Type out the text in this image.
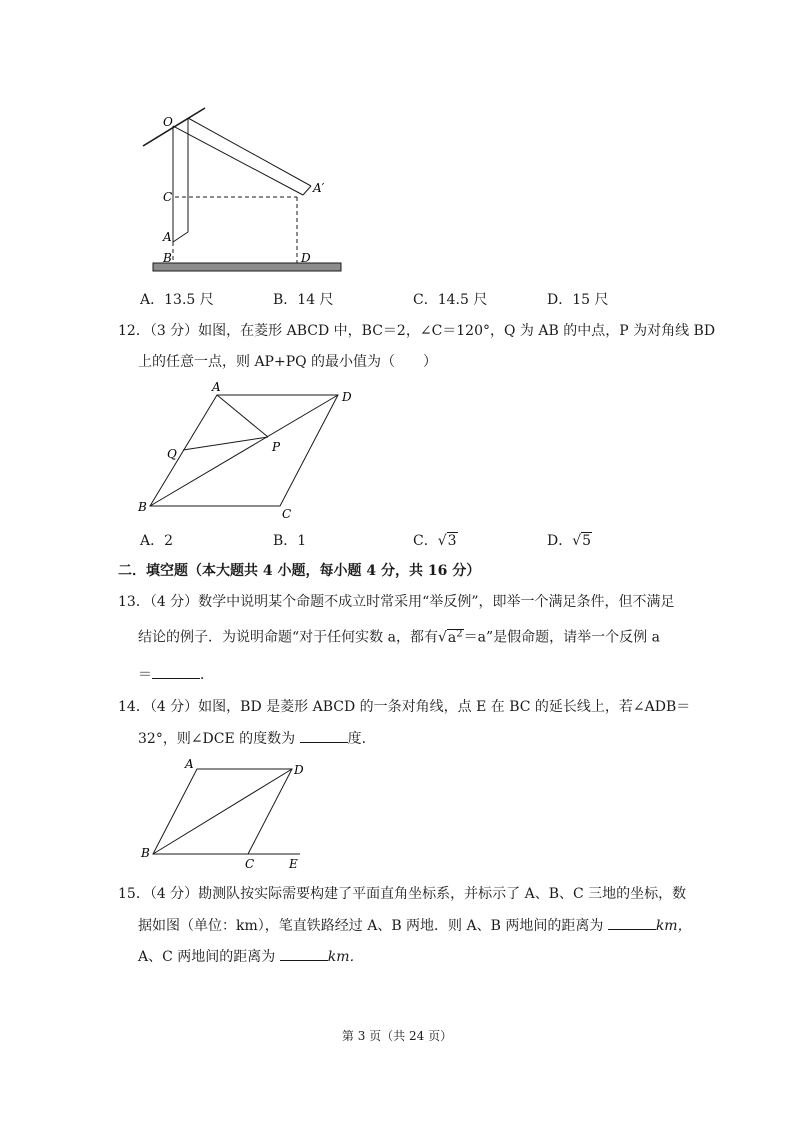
O
C
A
B	D
A′
A．13.5 尺	B．14 尺	C．14.5 尺	D．15 尺
12．（3 分）如图，在菱形 ABCD 中，BC＝2，∠C＝120°，Q 为 AB 的中点，P 为对角线 BD
上的任意一点，则 AP+PQ 的最小值为（　　）
A
D
Q	P
B	C
A．2	B．1	C．√3	D．√5
二．填空题（本大题共 4 小题，每小题 4 分，共 16 分）
13．（4 分）数学中说明某个命题不成立时常采用“举反例”，即举一个满足条件，但不满足
结论的例子．为说明命题“对于任何实数 a，都有$√a^2=a$”是假命题，请举一个反例 a
＝	．
14．（4 分）如图，BD 是菱形 ABCD 的一条对角线，点 E 在 BC 的延长线上，若∠ADB＝
32°，则∠DCE 的度数为	度．
A	D
B
C	E
15．（4 分）勘测队按实际需要构建了平面直角坐标系，并标示了 A、B、C 三地的坐标，数
据如图（单位：km），笔直铁路经过 A、B 两地．则 A、B 两地间的距离为	km，
A、C 两地间的距离为	km．
第 3 页（共 24 页）
